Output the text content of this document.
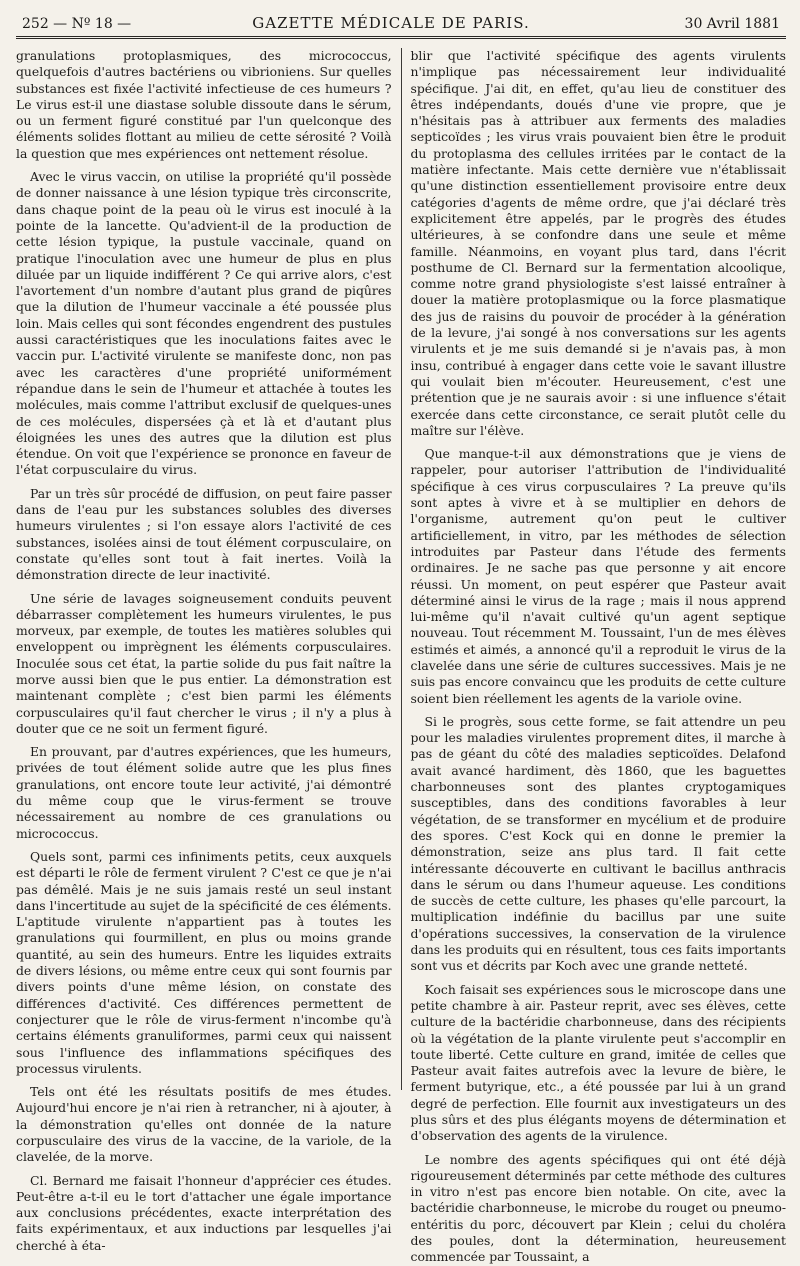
252 — Nº 18 —	GAZETTE MÉDICALE DE PARIS.	30 Avril 1881

granulations protoplasmiques, des micrococcus, quelquefois d'autres bactériens ou vibrioniens. Sur quelles substances est fixée l'activité infectieuse de ces humeurs ? Le virus est-il une diastase soluble dissoute dans le sérum, ou un ferment figuré constitué par l'un quelconque des éléments solides flottant au milieu de cette sérosité ? Voilà la question que mes expériences ont nettement résolue.

Avec le virus vaccin, on utilise la propriété qu'il possède de donner naissance à une lésion typique très circonscrite, dans chaque point de la peau où le virus est inoculé à la pointe de la lancette. Qu'advient-il de la production de cette lésion typique, la pustule vaccinale, quand on pratique l'inoculation avec une humeur de plus en plus diluée par un liquide indifférent ? Ce qui arrive alors, c'est l'avortement d'un nombre d'autant plus grand de piqûres que la dilution de l'humeur vaccinale a été poussée plus loin. Mais celles qui sont fécondes engendrent des pustules aussi caractéristiques que les inoculations faites avec le vaccin pur. L'activité virulente se manifeste donc, non pas avec les caractères d'une propriété uniformément répandue dans le sein de l'humeur et attachée à toutes les molécules, mais comme l'attribut exclusif de quelques-unes de ces molécules, dispersées çà et là et d'autant plus éloignées les unes des autres que la dilution est plus étendue. On voit que l'expérience se prononce en faveur de l'état corpusculaire du virus.

Par un très sûr procédé de diffusion, on peut faire passer dans de l'eau pur les substances solubles des diverses humeurs virulentes ; si l'on essaye alors l'activité de ces substances, isolées ainsi de tout élément corpusculaire, on constate qu'elles sont tout à fait inertes. Voilà la démonstration directe de leur inactivité.

Une série de lavages soigneusement conduits peuvent débarrasser complètement les humeurs virulentes, le pus morveux, par exemple, de toutes les matières solubles qui enveloppent ou imprègnent les éléments corpusculaires. Inoculée sous cet état, la partie solide du pus fait naître la morve aussi bien que le pus entier. La démonstration est maintenant complète ; c'est bien parmi les éléments corpusculaires qu'il faut chercher le virus ; il n'y a plus à douter que ce ne soit un ferment figuré.

En prouvant, par d'autres expériences, que les humeurs, privées de tout élément solide autre que les plus fines granulations, ont encore toute leur activité, j'ai démontré du même coup que le virus-ferment se trouve nécessairement au nombre de ces granulations ou micrococcus.

Quels sont, parmi ces infiniments petits, ceux auxquels est départi le rôle de ferment virulent ? C'est ce que je n'ai pas démêlé. Mais je ne suis jamais resté un seul instant dans l'incertitude au sujet de la spécificité de ces éléments. L'aptitude virulente n'appartient pas à toutes les granulations qui fourmillent, en plus ou moins grande quantité, au sein des humeurs. Entre les liquides extraits de divers lésions, ou même entre ceux qui sont fournis par divers points d'une même lésion, on constate des différences d'activité. Ces différences permettent de conjecturer que le rôle de virus-ferment n'incombe qu'à certains éléments granuliformes, parmi ceux qui naissent sous l'influence des inflammations spécifiques des processus virulents.

Tels ont été les résultats positifs de mes études. Aujourd'hui encore je n'ai rien à retrancher, ni à ajouter, à la démonstration qu'elles ont donnée de la nature corpusculaire des virus de la vaccine, de la variole, de la clavelée, de la morve.

Cl. Bernard me faisait l'honneur d'apprécier ces études. Peut-être a-t-il eu le tort d'attacher une égale importance aux conclusions précédentes, exacte interprétation des faits expérimentaux, et aux inductions par lesquelles j'ai cherché à éta-

blir que l'activité spécifique des agents virulents n'implique pas nécessairement leur individualité spécifique. J'ai dit, en effet, qu'au lieu de constituer des êtres indépendants, doués d'une vie propre, que je n'hésitais pas à attribuer aux ferments des maladies septicoïdes ; les virus vrais pouvaient bien être le produit du protoplasma des cellules irritées par le contact de la matière infectante. Mais cette dernière vue n'établissait qu'une distinction essentiellement provisoire entre deux catégories d'agents de même ordre, que j'ai déclaré très explicitement être appelés, par le progrès des études ultérieures, à se confondre dans une seule et même famille. Néanmoins, en voyant plus tard, dans l'écrit posthume de Cl. Bernard sur la fermentation alcoolique, comme notre grand physiologiste s'est laissé entraîner à douer la matière protoplasmique ou la force plasmatique des jus de raisins du pouvoir de procéder à la génération de la levure, j'ai songé à nos conversations sur les agents virulents et je me suis demandé si je n'avais pas, à mon insu, contribué à engager dans cette voie le savant illustre qui voulait bien m'écouter. Heureusement, c'est une prétention que je ne saurais avoir : si une influence s'était exercée dans cette circonstance, ce serait plutôt celle du maître sur l'élève.

Que manque-t-il aux démonstrations que je viens de rappeler, pour autoriser l'attribution de l'individualité spécifique à ces virus corpusculaires ? La preuve qu'ils sont aptes à vivre et à se multiplier en dehors de l'organisme, autrement qu'on peut le cultiver artificiellement, in vitro, par les méthodes de sélection introduites par Pasteur dans l'étude des ferments ordinaires. Je ne sache pas que personne y ait encore réussi. Un moment, on peut espérer que Pasteur avait déterminé ainsi le virus de la rage ; mais il nous apprend lui-même qu'il n'avait cultivé qu'un agent septique nouveau. Tout récemment M. Toussaint, l'un de mes élèves estimés et aimés, a annoncé qu'il a reproduit le virus de la clavelée dans une série de cultures successives. Mais je ne suis pas encore convaincu que les produits de cette culture soient bien réellement les agents de la variole ovine.

Si le progrès, sous cette forme, se fait attendre un peu pour les maladies virulentes proprement dites, il marche à pas de géant du côté des maladies septicoïdes. Delafond avait avancé hardiment, dès 1860, que les baguettes charbonneuses sont des plantes cryptogamiques susceptibles, dans des conditions favorables à leur végétation, de se transformer en mycélium et de produire des spores. C'est Kock qui en donne le premier la démonstration, seize ans plus tard. Il fait cette intéressante découverte en cultivant le bacillus anthracis dans le sérum ou dans l'humeur aqueuse. Les conditions de succès de cette culture, les phases qu'elle parcourt, la multiplication indéfinie du bacillus par une suite d'opérations successives, la conservation de la virulence dans les produits qui en résultent, tous ces faits importants sont vus et décrits par Koch avec une grande netteté.

Koch faisait ses expériences sous le microscope dans une petite chambre à air. Pasteur reprit, avec ses élèves, cette culture de la bactéridie charbonneuse, dans des récipients où la végétation de la plante virulente peut s'accomplir en toute liberté. Cette culture en grand, imitée de celles que Pasteur avait faites autrefois avec la levure de bière, le ferment butyrique, etc., a été poussée par lui à un grand degré de perfection. Elle fournit aux investigateurs un des plus sûrs et des plus élégants moyens de détermination et d'observation des agents de la virulence.

Le nombre des agents spécifiques qui ont été déjà rigoureusement déterminés par cette méthode des cultures in vitro n'est pas encore bien notable. On cite, avec la bactéridie charbonneuse, le microbe du rouget ou pneumo-entéritis du porc, découvert par Klein ; celui du choléra des poules, dont la détermination, heureusement commencée par Toussaint, a
